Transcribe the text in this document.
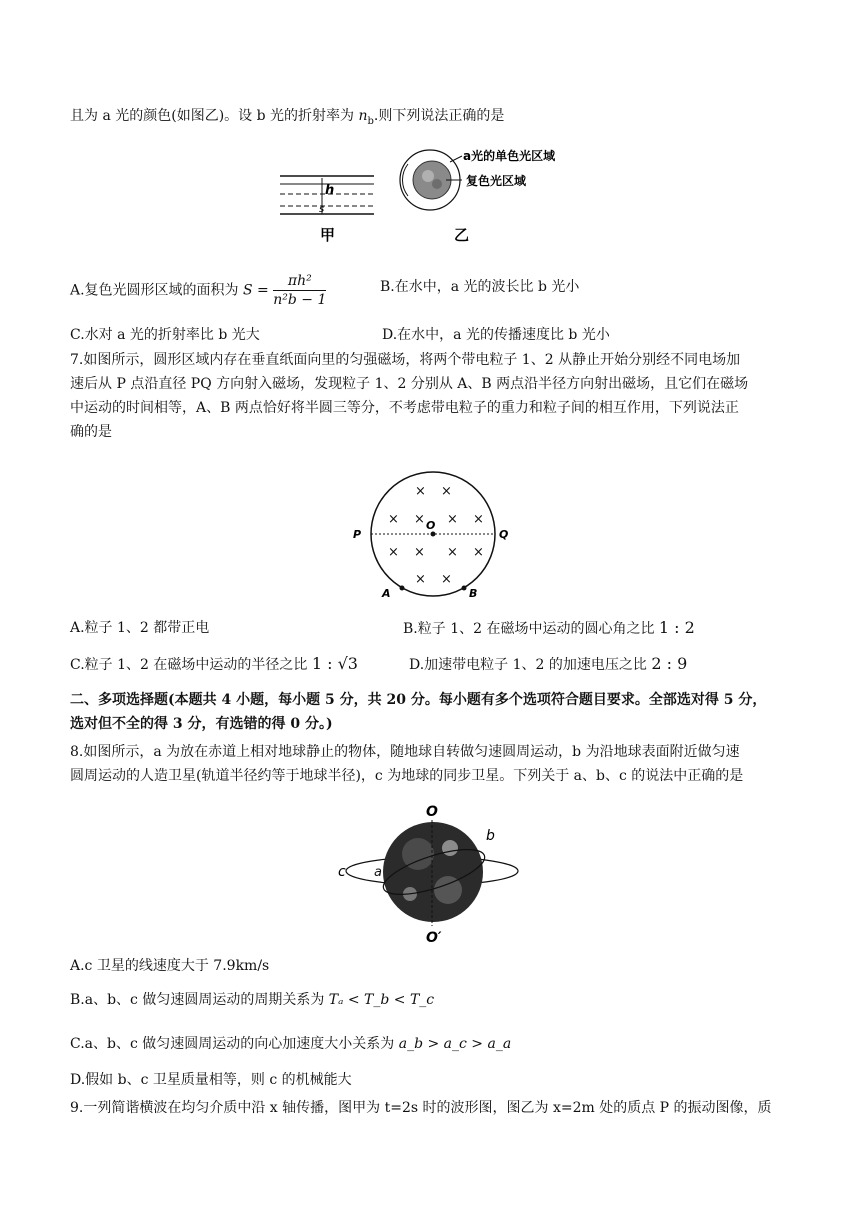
且为 a 光的颜色(如图乙)。设 b 光的折射率为 $n_b$.则下列说法正确的是
h
s
甲
a光的单色光区域
复色光区域
乙
A.复色光圆形区域的面积为 $S = \frac{\text{πh²}}{\text{n²b − 1}}$	B.在水中，a 光的波长比 b 光小
C.水对 a 光的折射率比 b 光大	D.在水中，a 光的传播速度比 b 光小
7.如图所示，圆形区域内存在垂直纸面向里的匀强磁场，将两个带电粒子 1、2 从静止开始分别经不同电场加
速后从 P 点沿直径 PQ 方向射入磁场，发现粒子 1、2 分别从 A、B 两点沿半径方向射出磁场，且它们在磁场
中运动的时间相等，A、B 两点恰好将半圆三等分，不考虑带电粒子的重力和粒子间的相互作用，下列说法正
确的是
× ×
× × × ×
× × × ×
× ×
O
P	Q
A	B
A.粒子 1、2 都带正电	B.粒子 1、2 在磁场中运动的圆心角之比 1 : 2
C.粒子 1、2 在磁场中运动的半径之比 1 : √3	D.加速带电粒子 1、2 的加速电压之比 2 : 9
二、多项选择题(本题共 4 小题，每小题 5 分，共 20 分。每小题有多个选项符合题目要求。全部选对得 5 分，
选对但不全的得 3 分，有选错的得 0 分。)
8.如图所示，a 为放在赤道上相对地球静止的物体，随地球自转做匀速圆周运动，b 为沿地球表面附近做匀速
圆周运动的人造卫星(轨道半径约等于地球半径)，c 为地球的同步卫星。下列关于 a、b、c 的说法中正确的是
O
O′
b
c a
A.c 卫星的线速度大于 7.9km/s
B.a、b、c 做匀速圆周运动的周期关系为 Tₐ < T_b < T_c
C.a、b、c 做匀速圆周运动的向心加速度大小关系为 a_b > a_c > a_a
D.假如 b、c 卫星质量相等，则 c 的机械能大
9.一列简谐横波在均匀介质中沿 x 轴传播，图甲为 t=2s 时的波形图，图乙为 x=2m 处的质点 P 的振动图像，质
